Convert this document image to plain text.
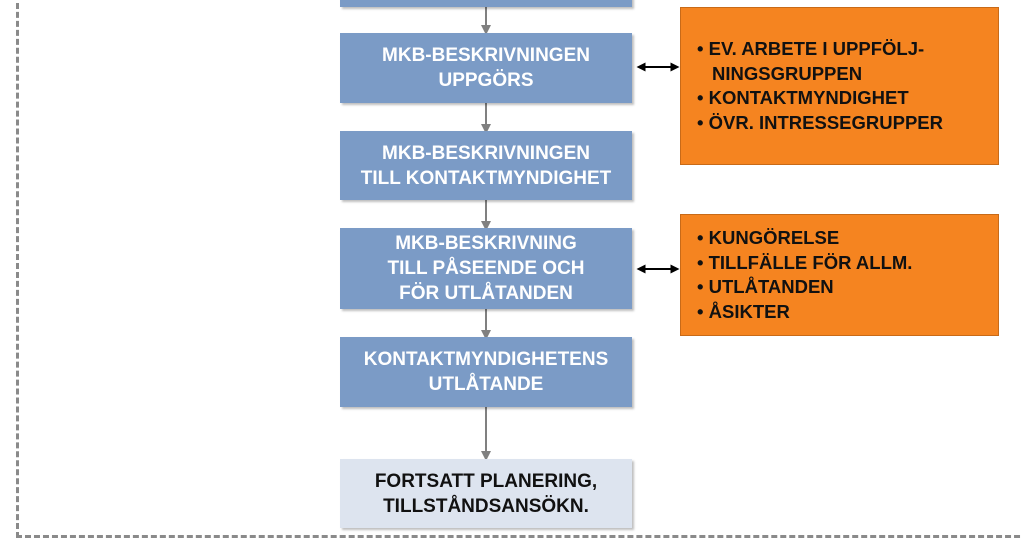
MKB-BESKRIVNINGEN
UPPGÖRS
MKB-BESKRIVNINGEN
TILL KONTAKTMYNDIGHET
MKB-BESKRIVNING
TILL PÅSEENDE OCH
FÖR UTLÅTANDEN
KONTAKTMYNDIGHETENS
UTLÅTANDE
FORTSATT PLANERING,
TILLSTÅNDSANSÖKN.
• EV. ARBETE I UPPFÖLJ-
NINGSGRUPPEN
• KONTAKTMYNDIGHET
• ÖVR. INTRESSEGRUPPER
• KUNGÖRELSE
• TILLFÄLLE FÖR ALLM.
• UTLÅTANDEN
• ÅSIKTER
